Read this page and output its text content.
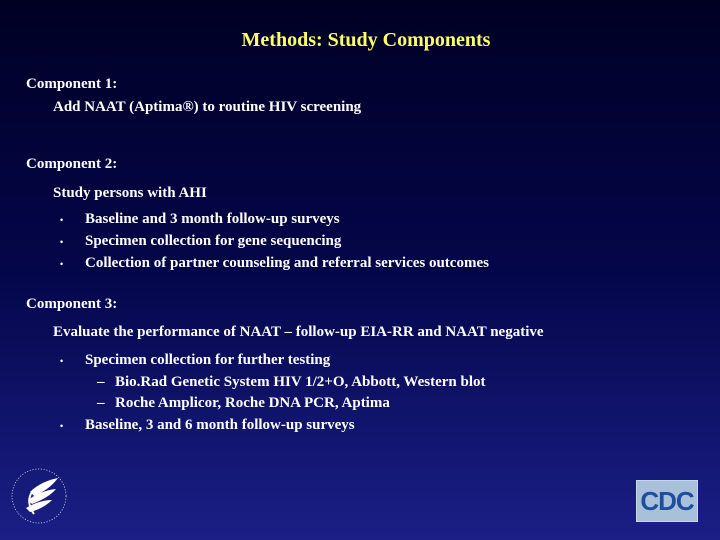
Methods: Study Components
Component 1:
Add NAAT (Aptima®) to routine HIV screening
Component 2:
Study persons with AHI
• Baseline and 3 month follow-up surveys
• Specimen collection for gene sequencing
• Collection of partner counseling and referral services outcomes
Component 3:
Evaluate the performance of NAAT – follow-up EIA-RR and NAAT negative
• Specimen collection for further testing
– Bio.Rad Genetic System HIV 1/2+O, Abbott, Western blot
– Roche Amplicor, Roche DNA PCR, Aptima
• Baseline, 3 and 6 month follow-up surveys
CDC
